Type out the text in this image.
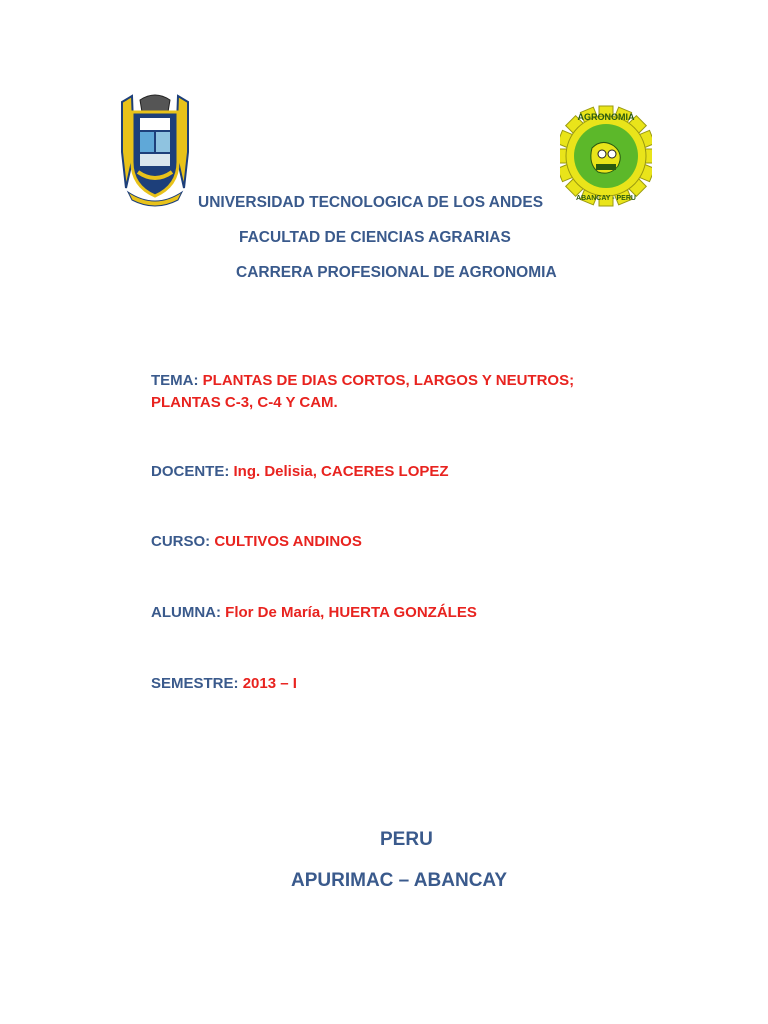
AGRONOMIA
ABANCAY - PERU
UNIVERSIDAD TECNOLOGICA DE LOS ANDES
FACULTAD DE CIENCIAS AGRARIAS
CARRERA PROFESIONAL DE AGRONOMIA
TEMA: PLANTAS DE DIAS CORTOS, LARGOS Y NEUTROS;
PLANTAS C-3, C-4 Y CAM.
DOCENTE: Ing. Delisia, CACERES LOPEZ
CURSO: CULTIVOS ANDINOS
ALUMNA: Flor De María, HUERTA GONZÁLES
SEMESTRE: 2013 – I
PERU
APURIMAC – ABANCAY
